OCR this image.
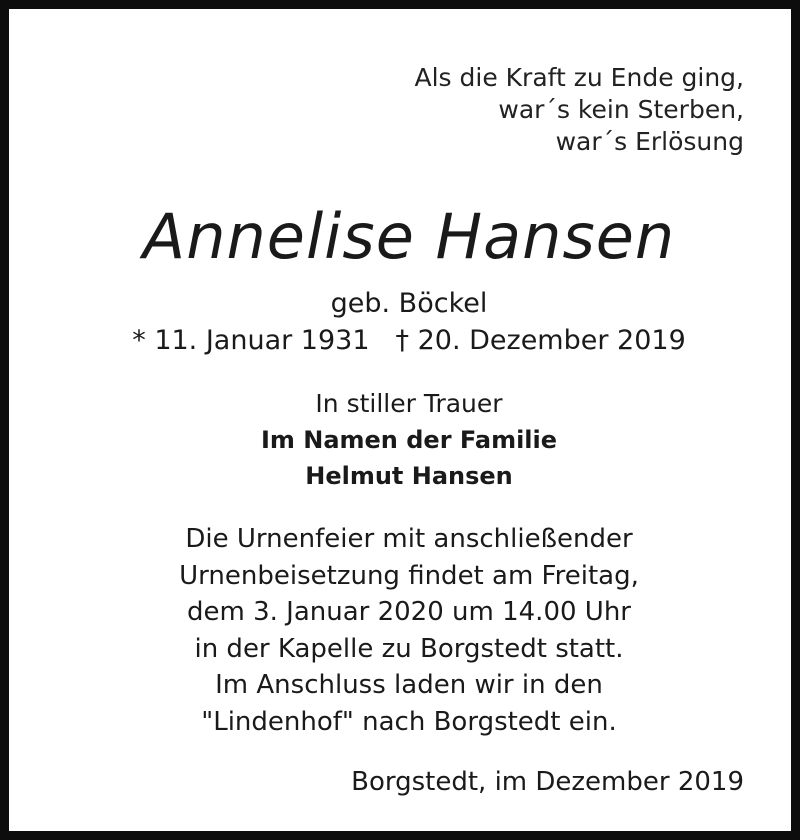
Als die Kraft zu Ende ging,
war´s kein Sterben,
war´s Erlösung
Annelise Hansen
geb. Böckel
* 11. Januar 1931 † 20. Dezember 2019
In stiller Trauer
Im Namen der Familie
Helmut Hansen
Die Urnenfeier mit anschließender
Urnenbeisetzung findet am Freitag,
dem 3. Januar 2020 um 14.00 Uhr
in der Kapelle zu Borgstedt statt.
Im Anschluss laden wir in den
"Lindenhof" nach Borgstedt ein.
Borgstedt, im Dezember 2019
